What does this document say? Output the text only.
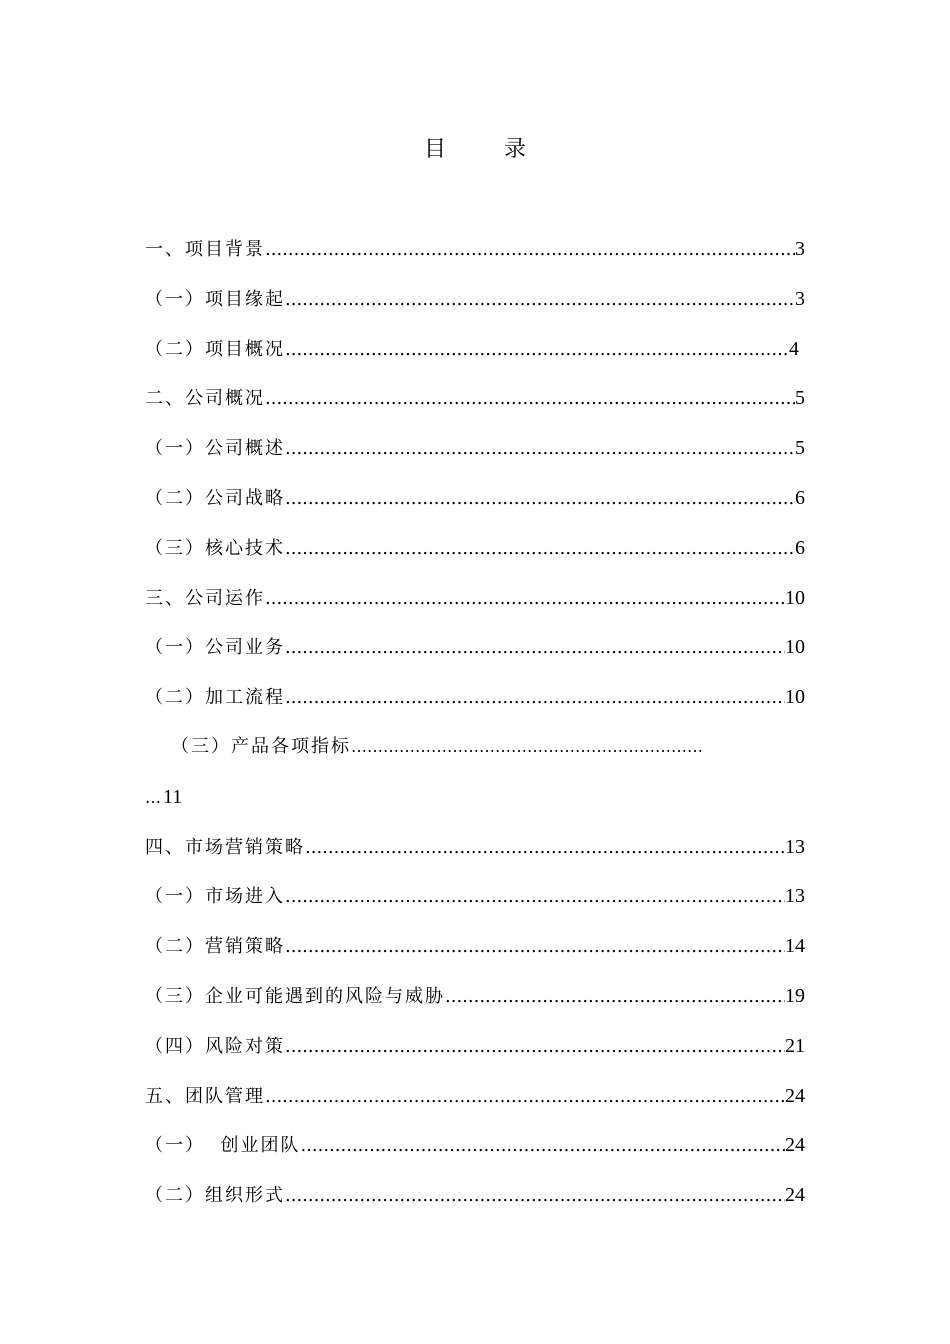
目	录
一、项目背景 .....	3
（一）项目缘起 .....	3
（二）项目概况 .....	4
二、公司概况 .....	5
（一）公司概述 .....	5
（二）公司战略 .....	6
（三）核心技术 .....	6
三、公司运作 .....	10
（一）公司业务 .....	10
（二）加工流程 .....	10
（三）产品各项指标 …………………………………………………………
… 11
四、市场营销策略 .....	13
（一）市场进入 .....	13
（二）营销策略 .....	14
（三）企业可能遇到的风险与威胁 .....	19
（四）风险对策 .....	21
五、团队管理 .....	24
（一）  创业团队 .....	24
（二）组织形式 .....	24
